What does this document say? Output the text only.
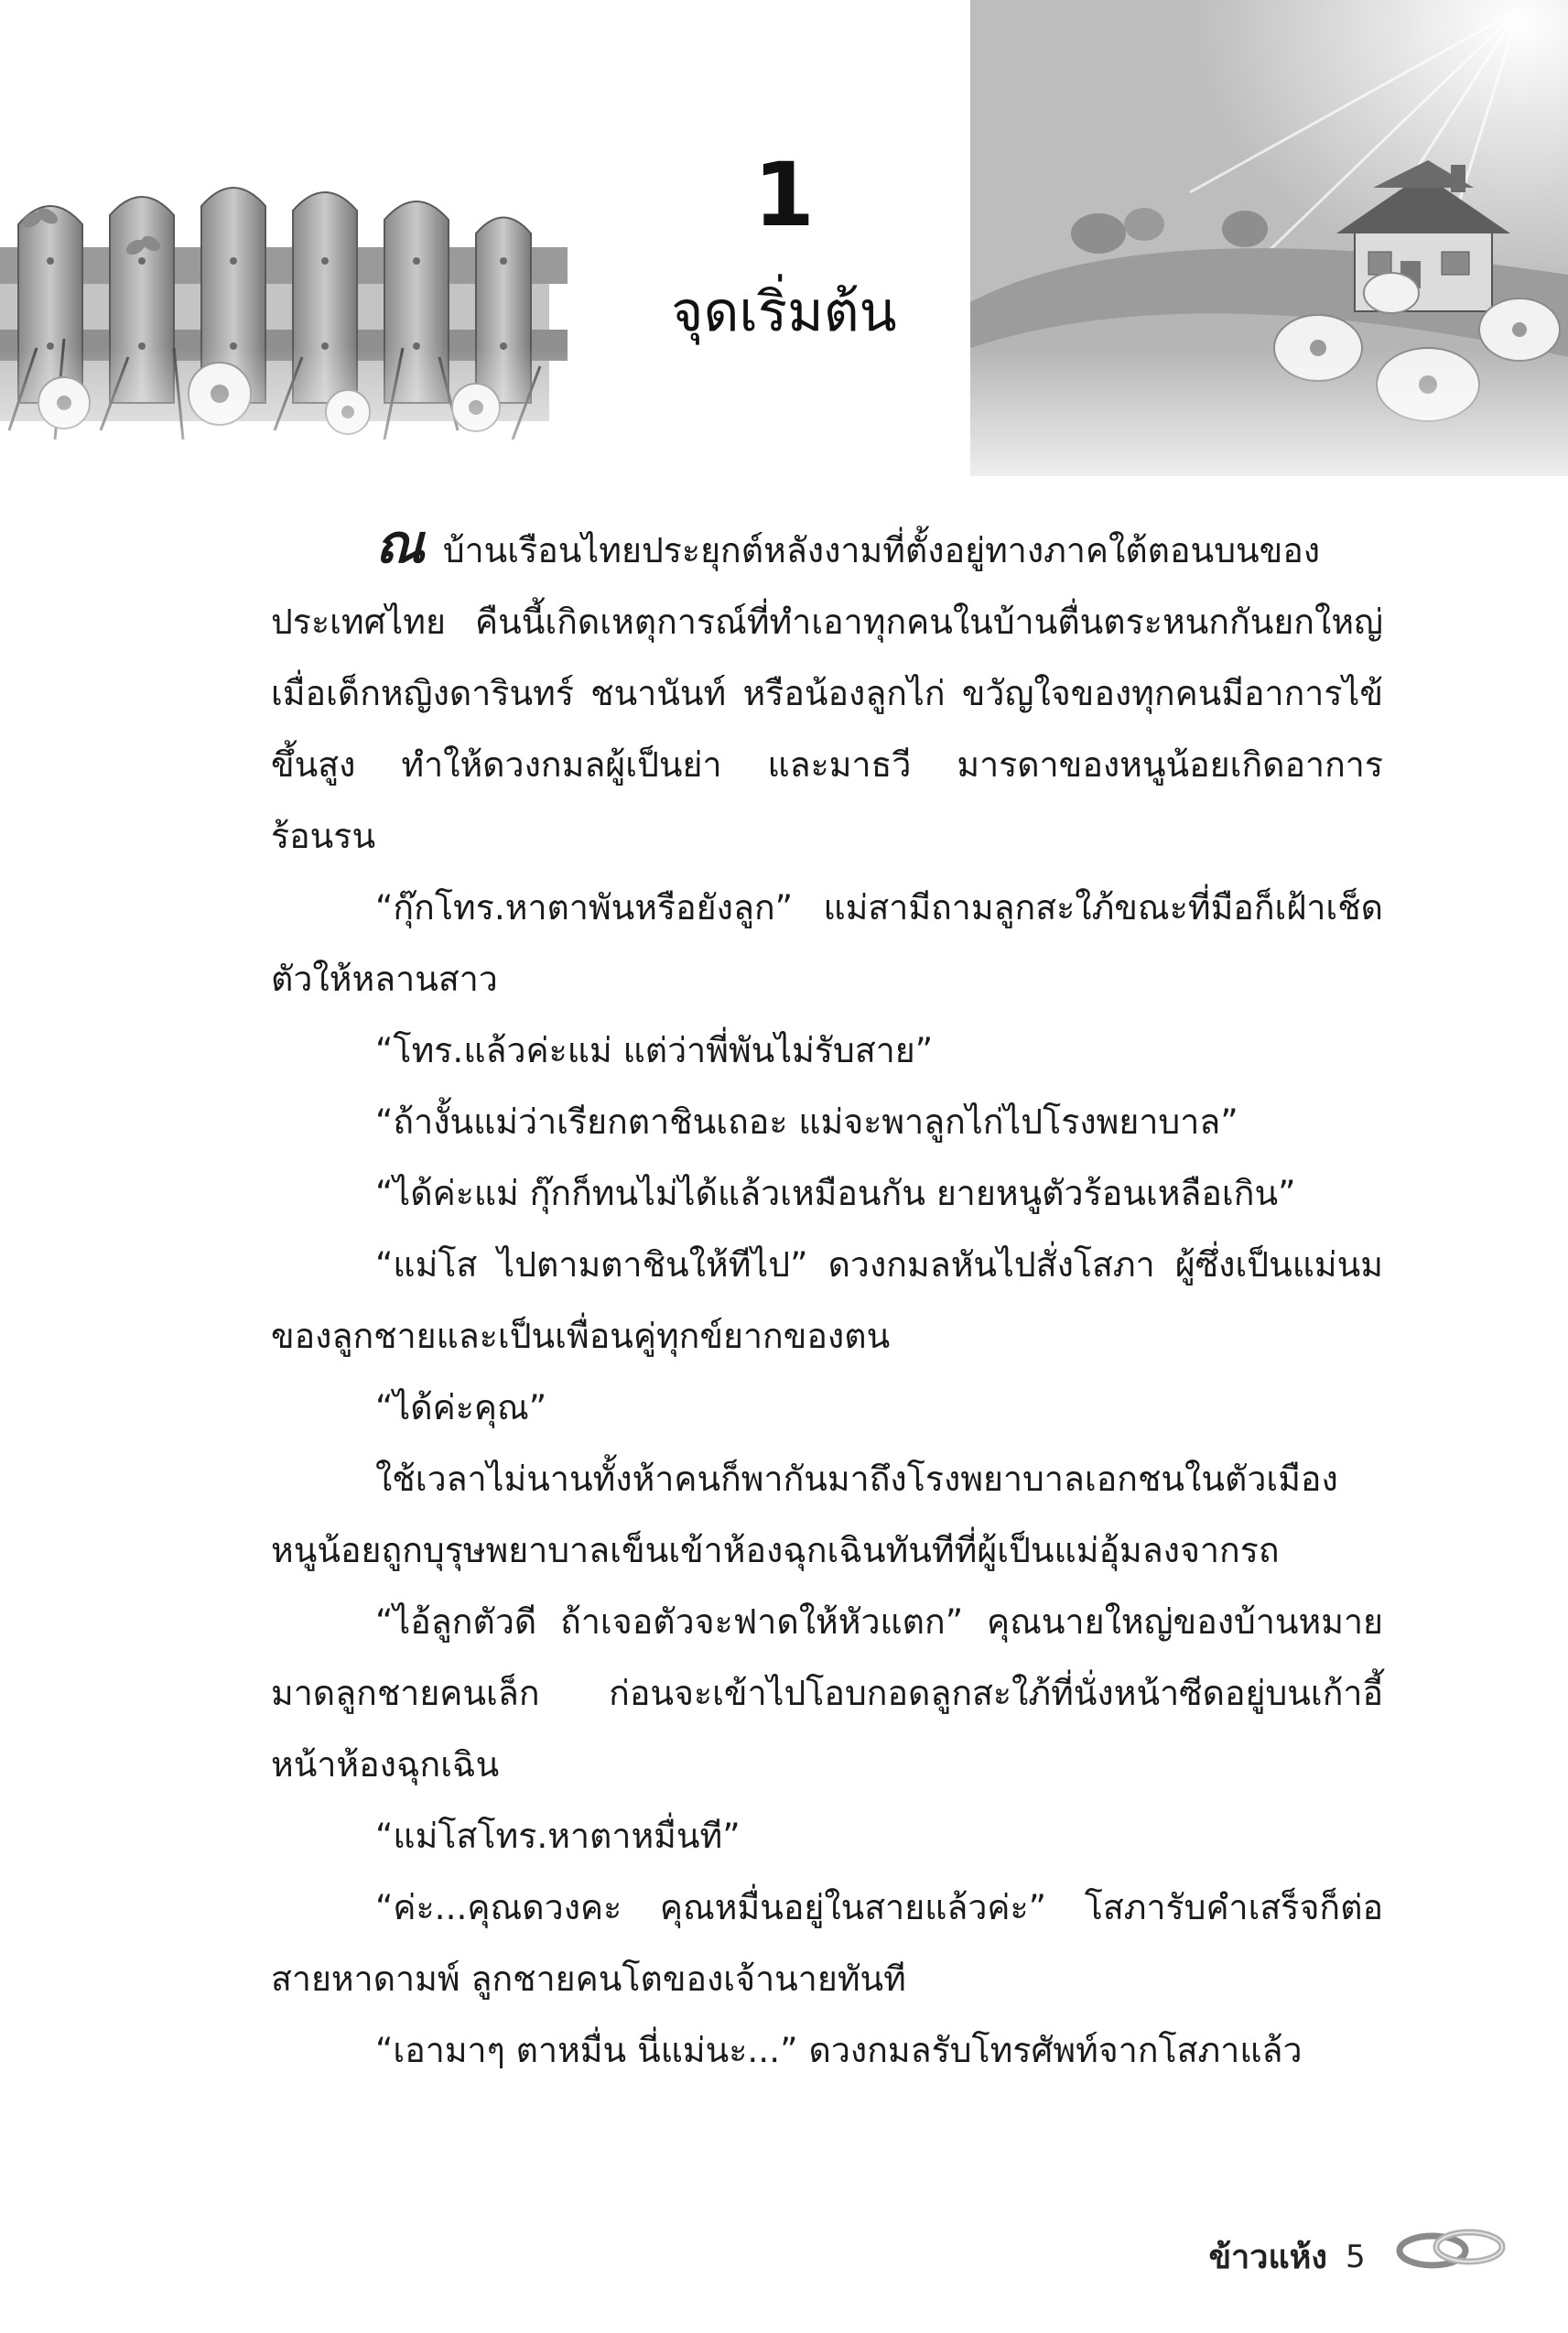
1
จุดเริ่มต้น

ณบ้านเรือนไทยประยุกต์หลังงามที่ตั้งอยู่ทางภาคใต้ตอนบนของประเทศไทย คืนนี้เกิดเหตุการณ์ที่ทำเอาทุกคนในบ้านตื่นตระหนกกันยกใหญ่ เมื่อเด็กหญิงดารินทร์ ชนานันท์ หรือน้องลูกไก่ ขวัญใจของทุกคนมีอาการไข้ขึ้นสูง ทำให้ดวงกมลผู้เป็นย่า และมาธวี มารดาของหนูน้อยเกิดอาการร้อนรน

“กุ๊กโทร.หาตาพันหรือยังลูก” แม่สามีถามลูกสะใภ้ขณะที่มือก็เฝ้าเช็ดตัวให้หลานสาว

“โทร.แล้วค่ะแม่ แต่ว่าพี่พันไม่รับสาย”

“ถ้างั้นแม่ว่าเรียกตาชินเถอะ แม่จะพาลูกไก่ไปโรงพยาบาล”

“ได้ค่ะแม่ กุ๊กก็ทนไม่ได้แล้วเหมือนกัน ยายหนูตัวร้อนเหลือเกิน”

“แม่โส ไปตามตาชินให้ทีไป” ดวงกมลหันไปสั่งโสภา ผู้ซึ่งเป็นแม่นมของลูกชายและเป็นเพื่อนคู่ทุกข์ยากของตน

“ได้ค่ะคุณ”

ใช้เวลาไม่นานทั้งห้าคนก็พากันมาถึงโรงพยาบาลเอกชนในตัวเมืองหนูน้อยถูกบุรุษพยาบาลเข็นเข้าห้องฉุกเฉินทันทีที่ผู้เป็นแม่อุ้มลงจากรถ

“ไอ้ลูกตัวดี ถ้าเจอตัวจะฟาดให้หัวแตก” คุณนายใหญ่ของบ้านหมายมาดลูกชายคนเล็ก ก่อนจะเข้าไปโอบกอดลูกสะใภ้ที่นั่งหน้าซีดอยู่บนเก้าอี้หน้าห้องฉุกเฉิน

“แม่โสโทร.หาตาหมื่นที”

“ค่ะ...คุณดวงคะ คุณหมื่นอยู่ในสายแล้วค่ะ” โสภารับคำเสร็จก็ต่อสายหาดามพ์ ลูกชายคนโตของเจ้านายทันที

“เอามาๆ ตาหมื่น นี่แม่นะ...” ดวงกมลรับโทรศัพท์จากโสภาแล้ว

ข้าวแห้ง 5
